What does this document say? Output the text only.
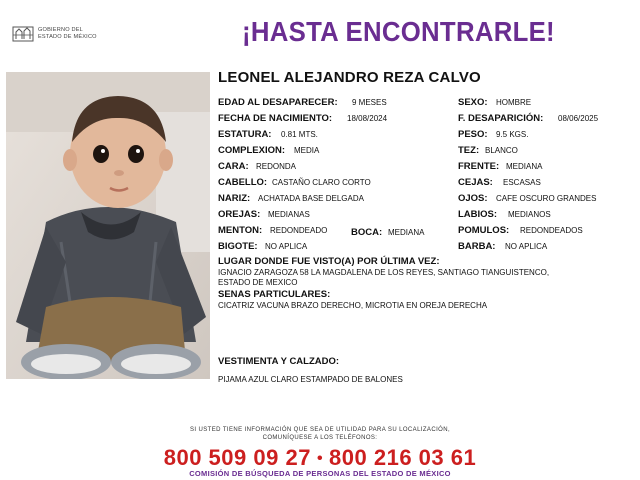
GOBIERNO DEL
ESTADO DE MÉXICO	¡HASTA ENCONTRARLE!
LEONEL ALEJANDRO REZA CALVO
EDAD AL DESAPARECER: 9 MESES
FECHA DE NACIMIENTO: 18/08/2024
ESTATURA: 0.81 MTS.
COMPLEXION: MEDIA
CARA: REDONDA
CABELLO: CASTAÑO CLARO CORTO
NARIZ: ACHATADA BASE DELGADA
OREJAS: MEDIANAS
MENTON: REDONDEADO BOCA: MEDIANA
BIGOTE: NO APLICA
SEXO: HOMBRE
F. DESAPARICIÓN: 08/06/2025
PESO: 9.5 KGS.
TEZ: BLANCO
FRENTE: MEDIANA
CEJAS: ESCASAS
OJOS: CAFE OSCURO GRANDES
LABIOS: MEDIANOS
POMULOS: REDONDEADOS
BARBA: NO APLICA
LUGAR DONDE FUE VISTO(A) POR ÚLTIMA VEZ:
IGNACIO ZARAGOZA 58 LA MAGDALENA DE LOS REYES, SANTIAGO TIANGUISTENCO,
ESTADO DE MEXICO
SENAS PARTICULARES:
CICATRIZ VACUNA BRAZO DERECHO, MICROTIA EN OREJA DERECHA
VESTIMENTA Y CALZADO:
PIJAMA AZUL CLARO ESTAMPADO DE BALONES
SI USTED TIENE INFORMACIÓN QUE SEA DE UTILIDAD PARA SU LOCALIZACIÓN,
COMUNÍQUESE A LOS TELÉFONOS:
800 509 09 27 • 800 216 03 61
COMISIÓN DE BÚSQUEDA DE PERSONAS DEL ESTADO DE MÉXICO
